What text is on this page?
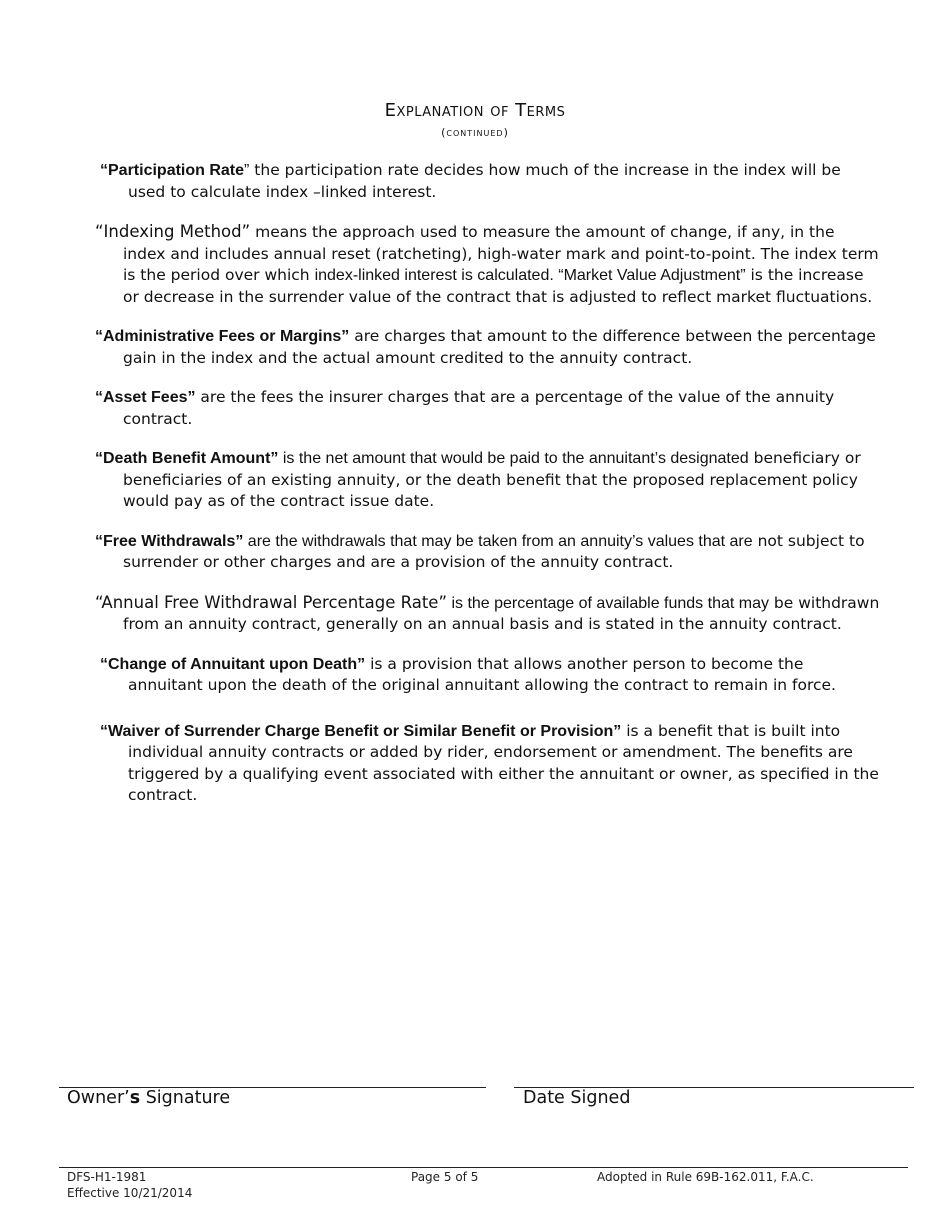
Explanation of Terms
(continued)

“Participation Rate” the participation rate decides how much of the increase in the index will be used to calculate index –linked interest.

“Indexing Method” means the approach used to measure the amount of change, if any, in the index and includes annual reset (ratcheting), high-water mark and point-to-point. The index term is the period over which index-linked interest is calculated. “Market Value Adjustment” is the increase or decrease in the surrender value of the contract that is adjusted to reflect market fluctuations.

“Administrative Fees or Margins” are charges that amount to the difference between the percentage gain in the index and the actual amount credited to the annuity contract.

“Asset Fees” are the fees the insurer charges that are a percentage of the value of the annuity contract.

“Death Benefit Amount” is the net amount that would be paid to the annuitant’s designated beneficiary or beneficiaries of an existing annuity, or the death benefit that the proposed replacement policy would pay as of the contract issue date.

“Free Withdrawals” are the withdrawals that may be taken from an annuity’s values that are not subject to surrender or other charges and are a provision of the annuity contract.

“Annual Free Withdrawal Percentage Rate” is the percentage of available funds that may be withdrawn from an annuity contract, generally on an annual basis and is stated in the annuity contract.

“Change of Annuitant upon Death” is a provision that allows another person to become the annuitant upon the death of the original annuitant allowing the contract to remain in force.

“Waiver of Surrender Charge Benefit or Similar Benefit or Provision” is a benefit that is built into individual annuity contracts or added by rider, endorsement or amendment. The benefits are triggered by a qualifying event associated with either the annuitant or owner, as specified in the contract.

Owner’s Signature	Date Signed
DFS-H1-1981
Effective 10/21/2014
Page 5 of 5	Adopted in Rule 69B-162.011, F.A.C.
